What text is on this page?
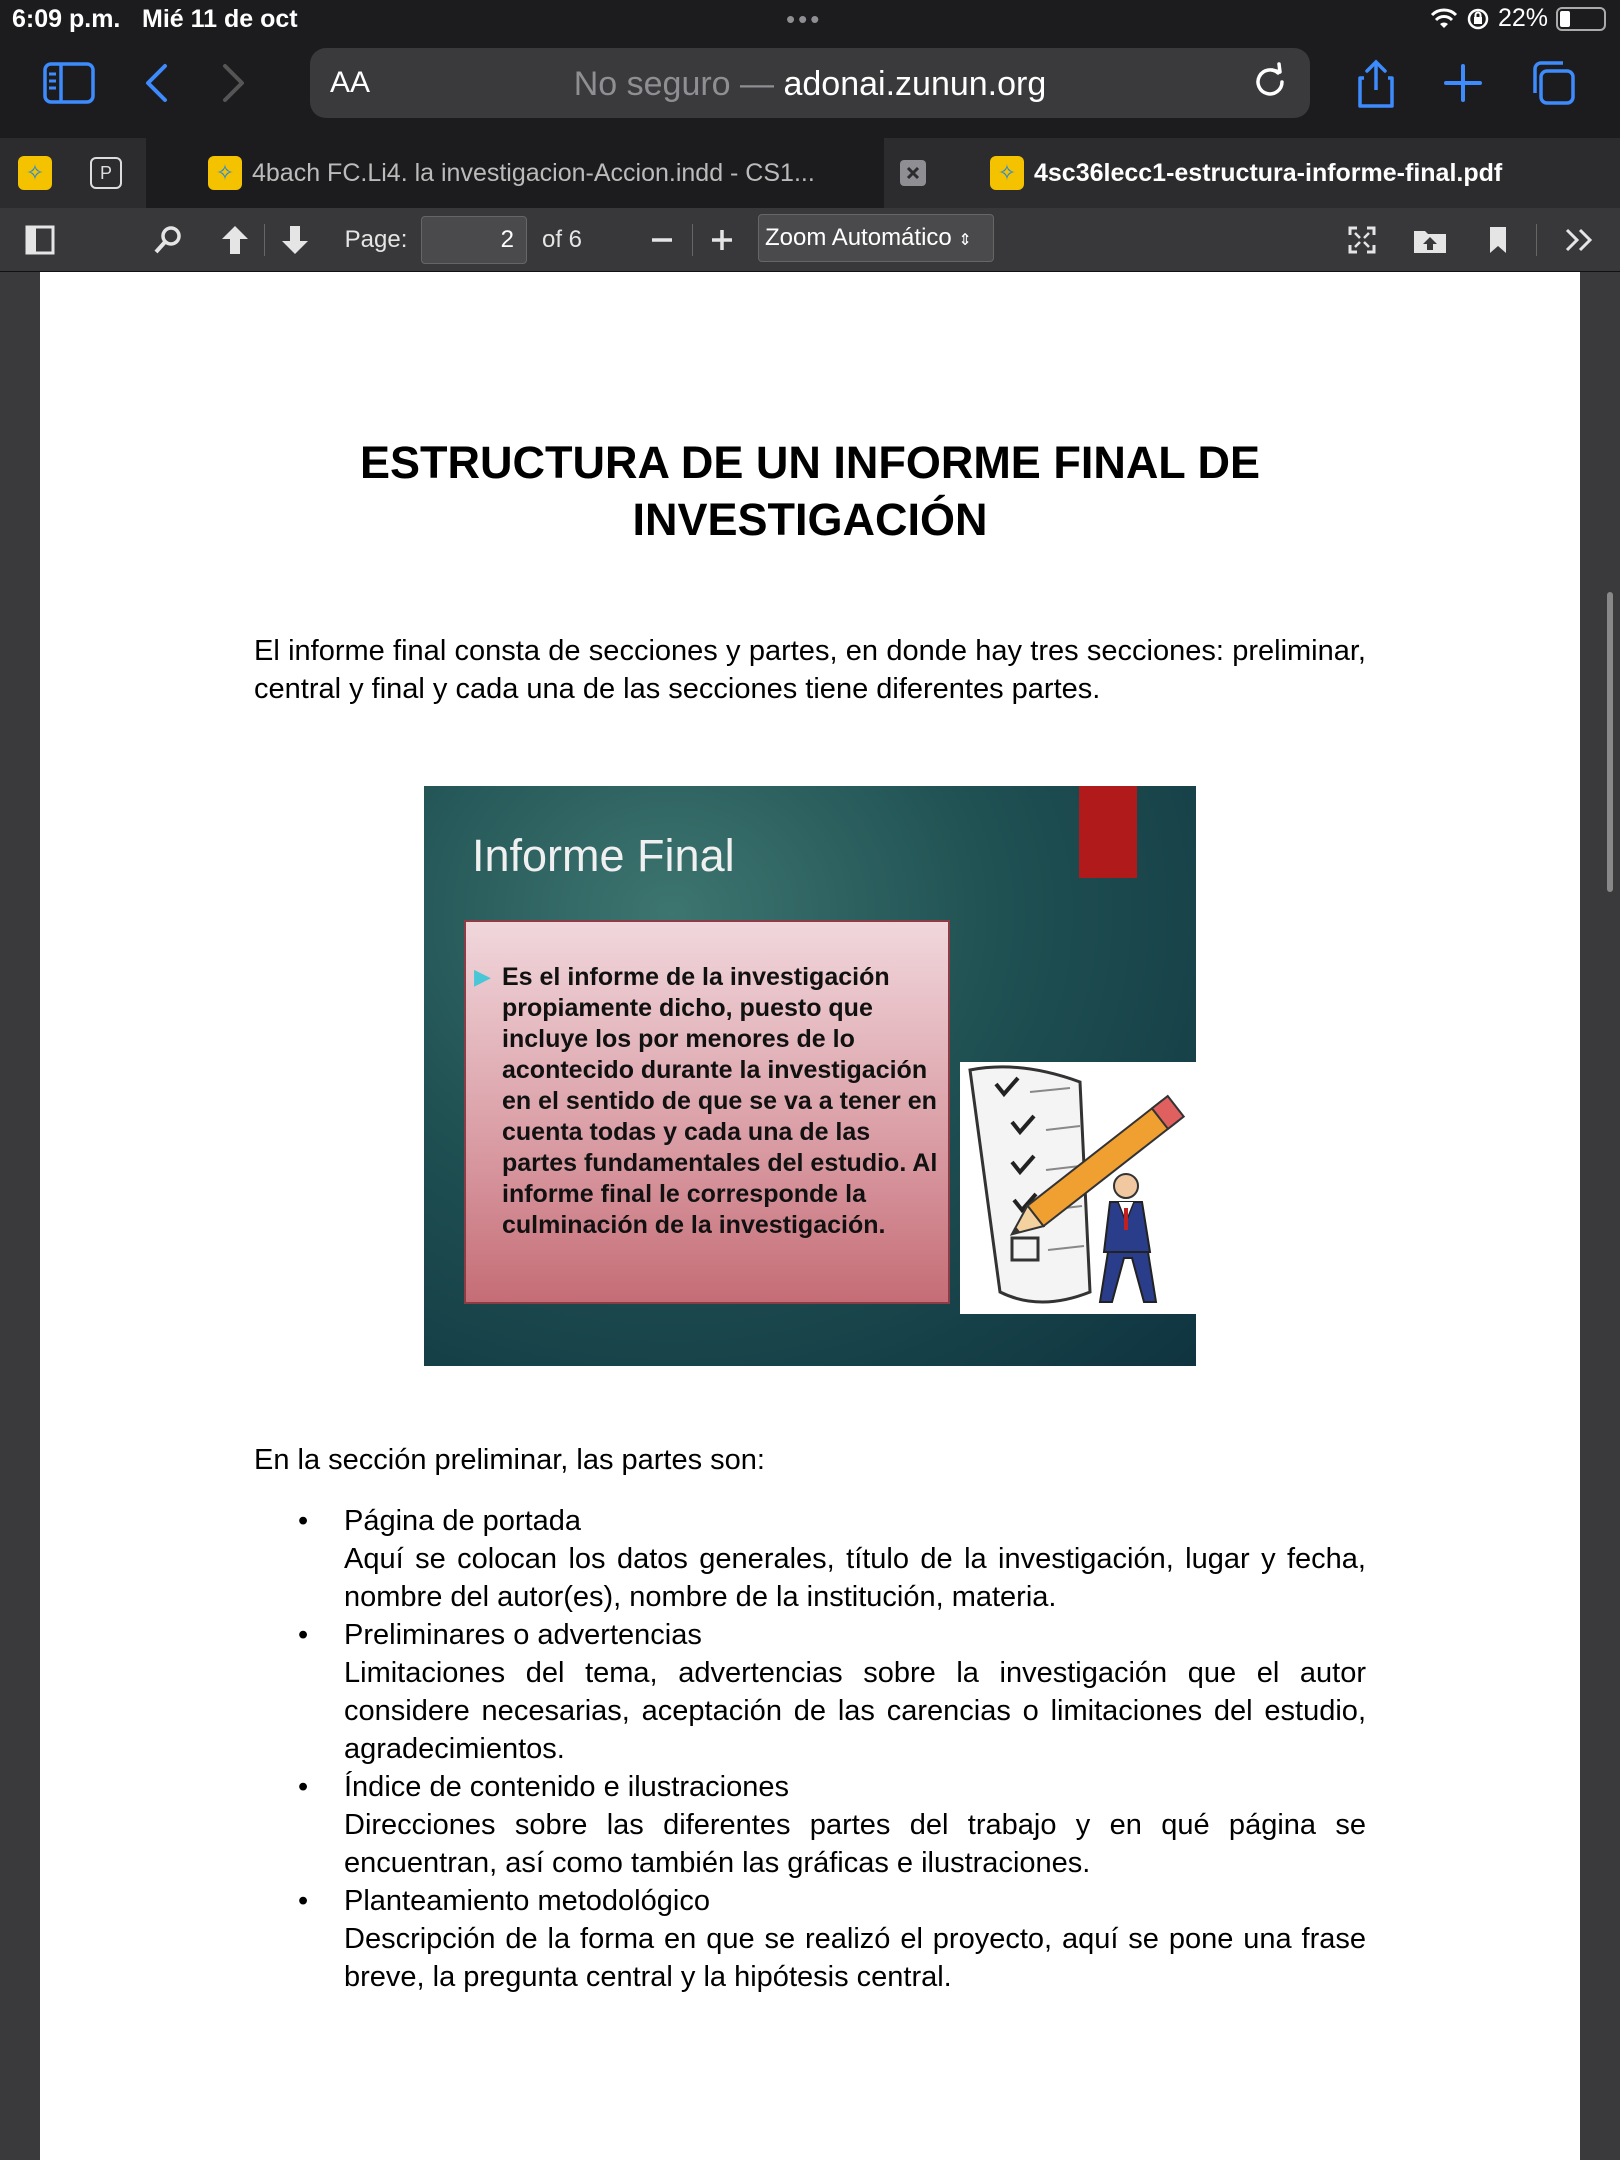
6:09 p.m. Mié 11 de oct	•••	22%
AA	No seguro — adonai.zunun.org
✧	P	✧ 4bach FC.Li4. la investigacion-Accion.indd - CS1...	✧ 4sc36lecc1-estructura-informe-final.pdf
Page:	2	of 6	Zoom Automático ⇕
ESTRUCTURA DE UN INFORME FINAL DE
INVESTIGACIÓN

El informe final consta de secciones y partes, en donde hay tres secciones: preliminar, central y final y cada una de las secciones tiene diferentes partes.

Informe Final
▶ Es el informe de la investigación propiamente dicho, puesto que incluye los por menores de lo acontecido durante la investigación en el sentido de que se va a tener en cuenta todas y cada una de las partes fundamentales del estudio. Al informe final le corresponde la culminación de la investigación.

En la sección preliminar, las partes son:

• Página de portada
Aquí se colocan los datos generales, título de la investigación, lugar y fecha, nombre del autor(es), nombre de la institución, materia.
• Preliminares o advertencias
Limitaciones del tema, advertencias sobre la investigación que el autor considere necesarias, aceptación de las carencias o limitaciones del estudio, agradecimientos.
• Índice de contenido e ilustraciones
Direcciones sobre las diferentes partes del trabajo y en qué página se encuentran, así como también las gráficas e ilustraciones.
• Planteamiento metodológico
Descripción de la forma en que se realizó el proyecto, aquí se pone una frase breve, la pregunta central y la hipótesis central.
